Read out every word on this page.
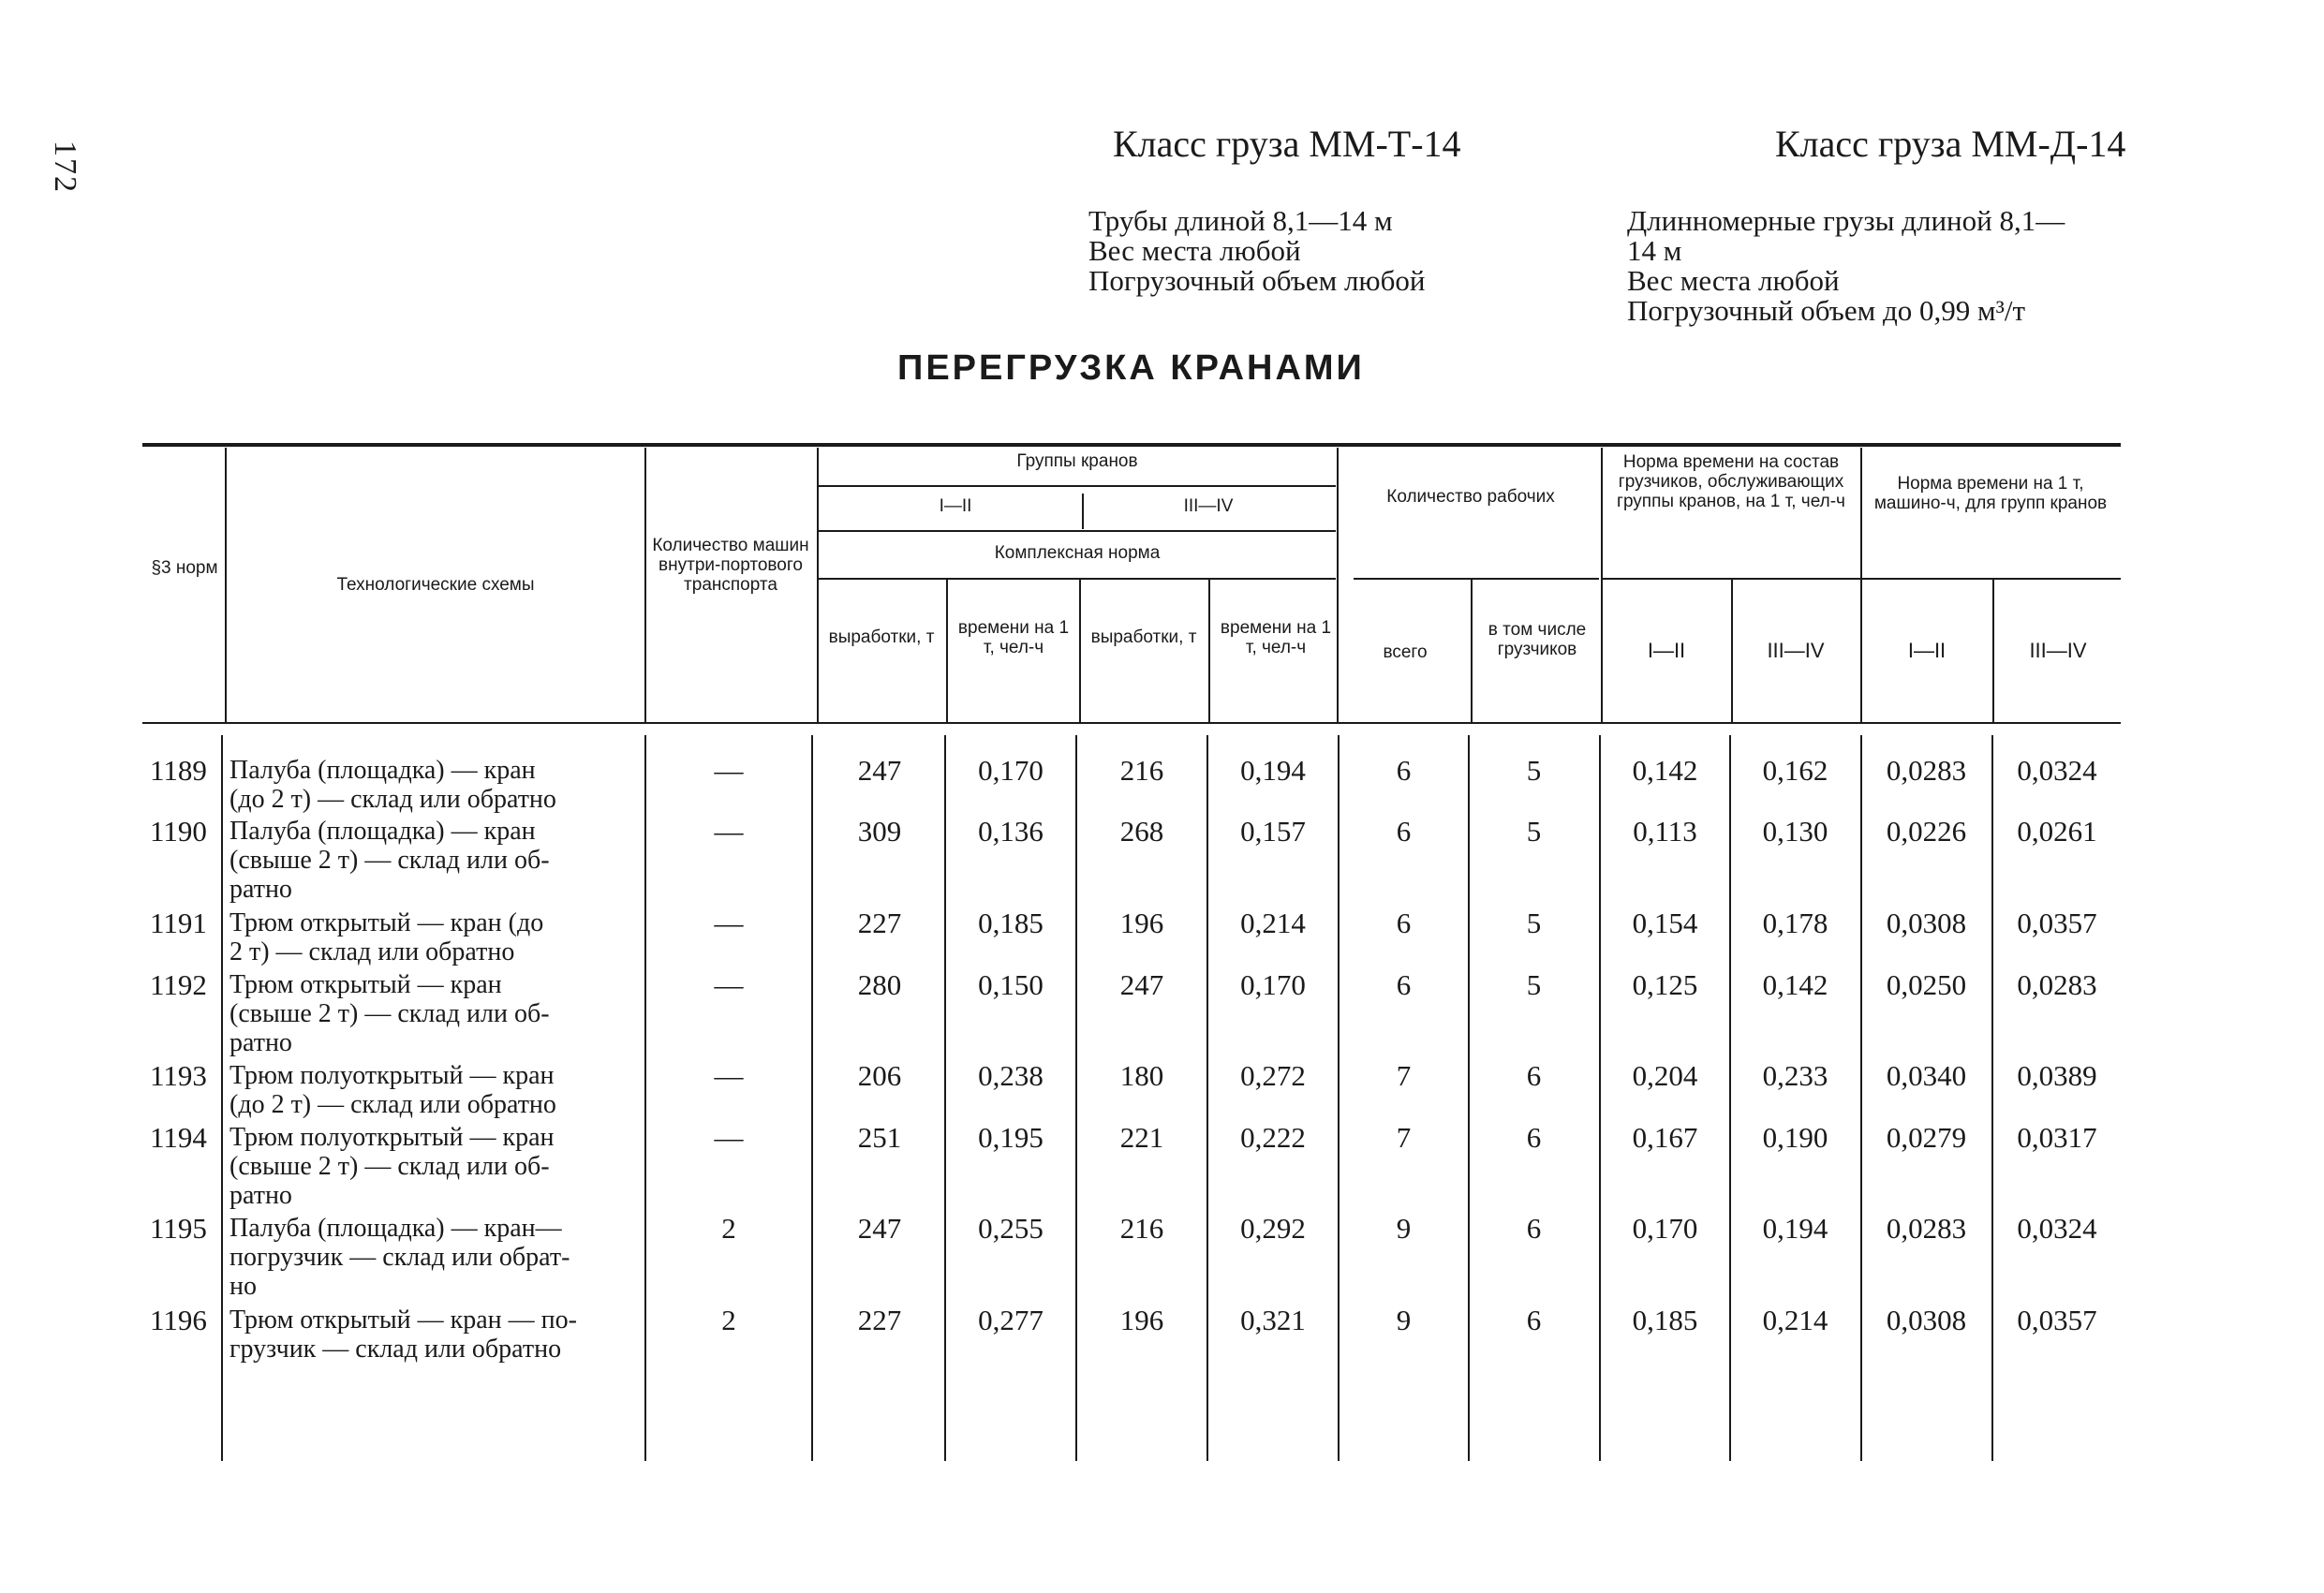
172	Класс груза ММ-Т-14	Класс груза ММ-Д-14
Трубы длиной 8,1—14 м
Вес места любой
Погрузочный объем любой
Длинномерные грузы длиной 8,1—
14 м
Вес места любой
Погрузочный объем до 0,99 м³/т
ПЕРЕГРУЗКА КРАНАМИ
§3 норм
Технологические схемы
Количество машин внутри-портового транспорта
Группы кранов
I—II	III—IV
Комплексная норма
выработки, т	времени на 1 т, чел-ч
выработки, т	времени на 1 т, чел-ч
Количество рабочих
всего
в том числе грузчиков
Норма времени на состав грузчиков, обслуживающих группы кранов, на 1 т, чел-ч
Норма времени на 1 т, машино-ч, для групп кранов
I—II	III—IV	I—II	III—IV
1189 Палуба (площадка) — кран
(до 2 т) — склад или обратно
—	247	0,170	216	0,194	6	5	0,142	0,162	0,0283	0,0324
1190 Палуба (площадка) — кран
(свыше 2 т) — склад или об-
ратно
—	309	0,136	268	0,157	6	5	0,113	0,130	0,0226	0,0261
1191 Трюм открытый — кран (до
2 т) — склад или обратно
—	227	0,185	196	0,214	6	5	0,154	0,178	0,0308	0,0357
1192 Трюм открытый — кран
(свыше 2 т) — склад или об-
ратно
—	280	0,150	247	0,170	6	5	0,125	0,142	0,0250	0,0283
1193 Трюм полуоткрытый — кран
(до 2 т) — склад или обратно
—	206	0,238	180	0,272	7	6	0,204	0,233	0,0340	0,0389
1194 Трюм полуоткрытый — кран
(свыше 2 т) — склад или об-
ратно
—	251	0,195	221	0,222	7	6	0,167	0,190	0,0279	0,0317
1195 Палуба (площадка) — кран—
погрузчик — склад или обрат-
но
2	247	0,255	216	0,292	9	6	0,170	0,194	0,0283	0,0324
1196 Трюм открытый — кран — по-
грузчик — склад или обратно
2	227	0,277	196	0,321	9	6	0,185	0,214	0,0308	0,0357
